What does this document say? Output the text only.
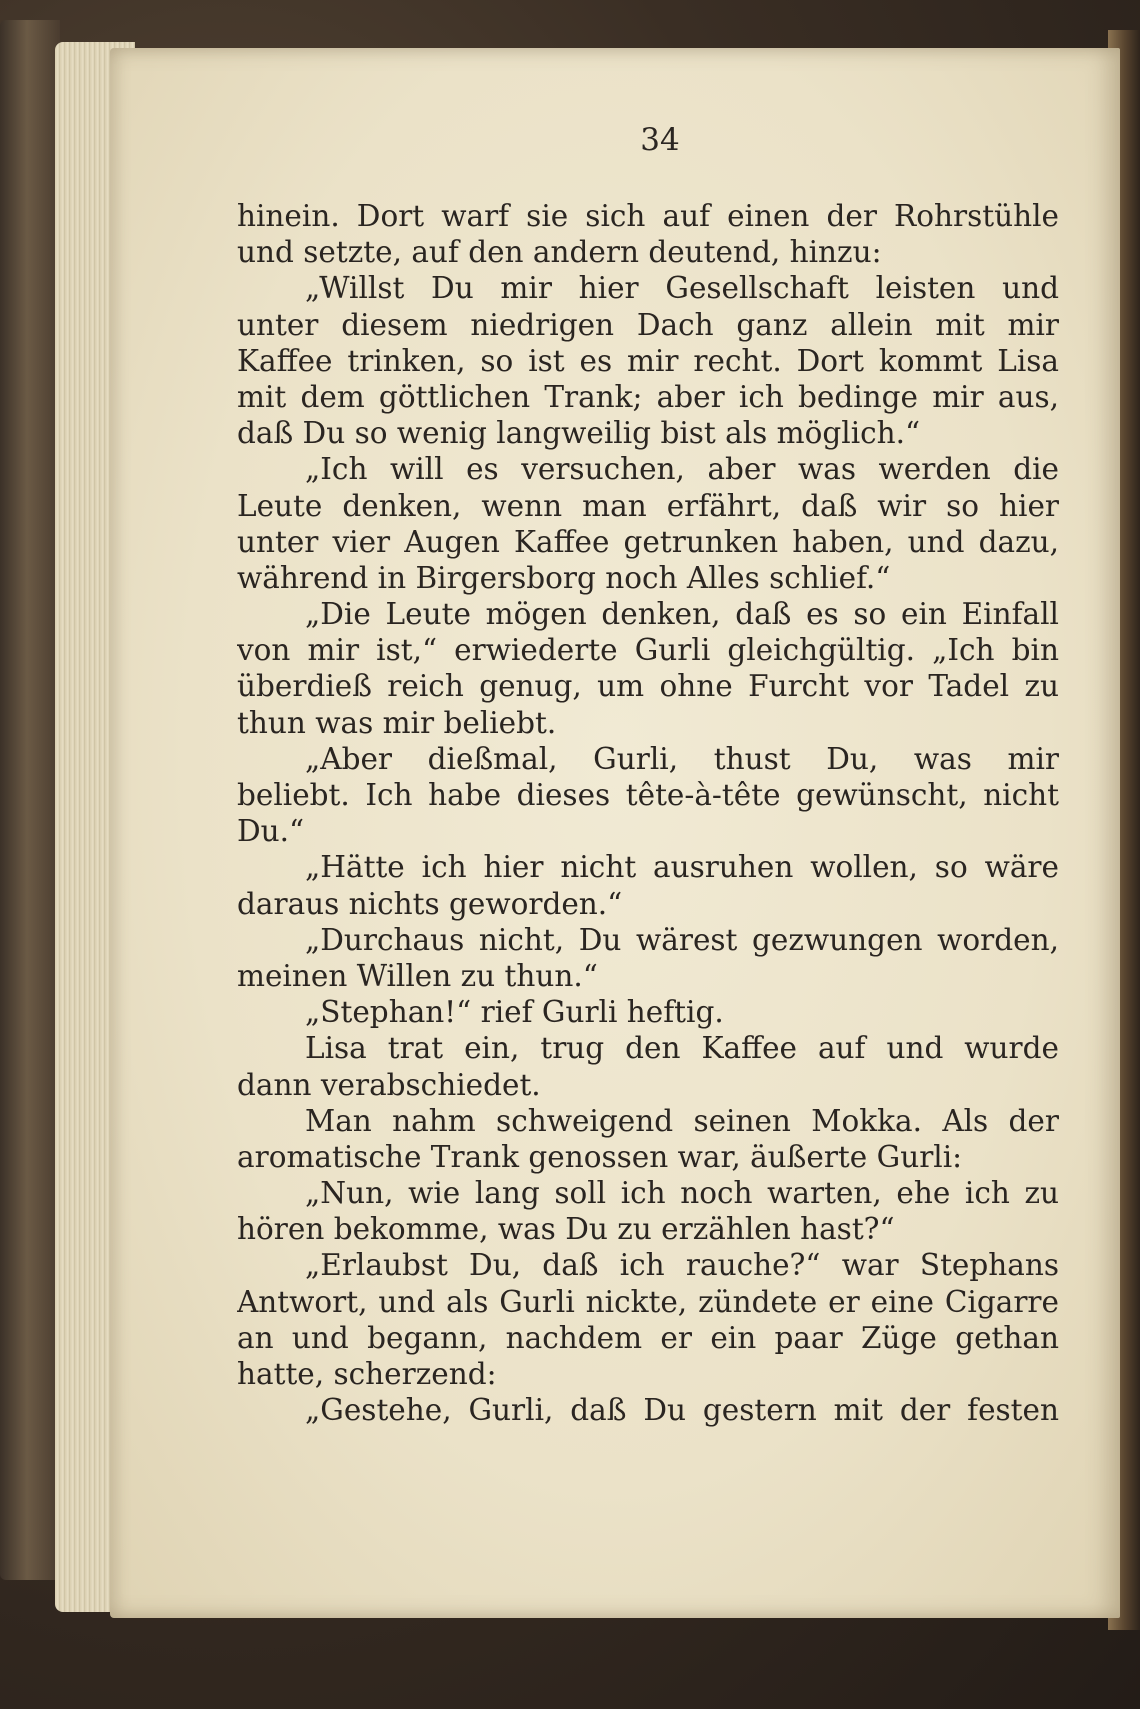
34
hinein. Dort warf sie sich auf einen der Rohrstühle
und setzte, auf den andern deutend, hinzu:
„Willst Du mir hier Gesellschaft leisten und
unter diesem niedrigen Dach ganz allein mit mir
Kaffee trinken, so ist es mir recht. Dort kommt Lisa
mit dem göttlichen Trank; aber ich bedinge mir aus,
daß Du so wenig langweilig bist als möglich.“
„Ich will es versuchen, aber was werden die
Leute denken, wenn man erfährt, daß wir so hier
unter vier Augen Kaffee getrunken haben, und dazu,
während in Birgersborg noch Alles schlief.“
„Die Leute mögen denken, daß es so ein Einfall
von mir ist,“ erwiederte Gurli gleichgültig. „Ich bin
überdieß reich genug, um ohne Furcht vor Tadel zu
thun was mir beliebt.
„Aber dießmal, Gurli, thust Du, was mir
beliebt. Ich habe dieses tête-à-tête gewünscht, nicht
Du.“
„Hätte ich hier nicht ausruhen wollen, so wäre
daraus nichts geworden.“
„Durchaus nicht, Du wärest gezwungen worden,
meinen Willen zu thun.“
„Stephan!“ rief Gurli heftig.
Lisa trat ein, trug den Kaffee auf und wurde
dann verabschiedet.
Man nahm schweigend seinen Mokka. Als der
aromatische Trank genossen war, äußerte Gurli:
„Nun, wie lang soll ich noch warten, ehe ich zu
hören bekomme, was Du zu erzählen hast?“
„Erlaubst Du, daß ich rauche?“ war Stephans
Antwort, und als Gurli nickte, zündete er eine Cigarre
an und begann, nachdem er ein paar Züge gethan
hatte, scherzend:
„Gestehe, Gurli, daß Du gestern mit der festen
